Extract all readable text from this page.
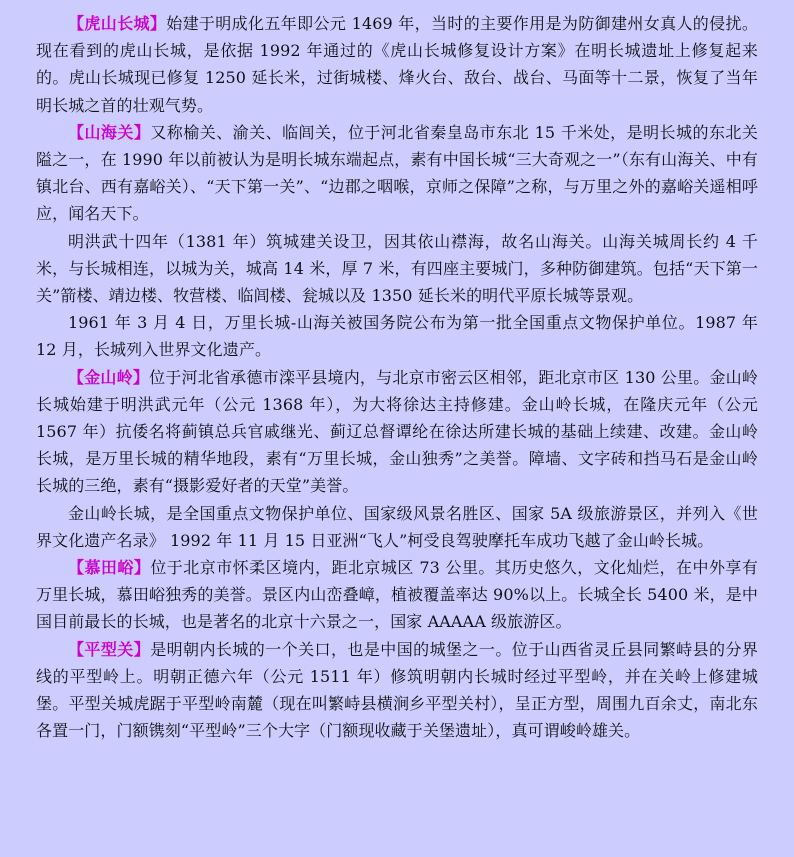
【虎山长城】始建于明成化五年即公元 1469 年，当时的主要作用是为防御建州女真人的侵扰。现在看到的虎山长城，是依据 1992 年通过的《虎山长城修复设计方案》在明长城遗址上修复起来的。虎山长城现已修复 1250 延长米，过街城楼、烽火台、敌台、战台、马面等十二景，恢复了当年明长城之首的壮观气势。

【山海关】又称榆关、渝关、临闾关，位于河北省秦皇岛市东北 15 千米处，是明长城的东北关隘之一，在 1990 年以前被认为是明长城东端起点，素有中国长城“三大奇观之一”（东有山海关、中有镇北台、西有嘉峪关）、“天下第一关”、“边郡之咽喉，京师之保障”之称，与万里之外的嘉峪关遥相呼应，闻名天下。

明洪武十四年（1381 年）筑城建关设卫，因其依山襟海，故名山海关。山海关城周长约 4 千米，与长城相连，以城为关，城高 14 米，厚 7 米，有四座主要城门，多种防御建筑。包括“天下第一关”箭楼、靖边楼、牧营楼、临闾楼、瓮城以及 1350 延长米的明代平原长城等景观。

1961 年 3 月 4 日，万里长城-山海关被国务院公布为第一批全国重点文物保护单位。1987 年 12 月，长城列入世界文化遗产。

【金山岭】位于河北省承德市滦平县境内，与北京市密云区相邻，距北京市区 130 公里。金山岭长城始建于明洪武元年（公元 1368 年），为大将徐达主持修建。金山岭长城，在隆庆元年（公元 1567 年）抗倭名将蓟镇总兵官戚继光、蓟辽总督谭纶在徐达所建长城的基础上续建、改建。金山岭长城，是万里长城的精华地段，素有“万里长城，金山独秀”之美誉。障墙、文字砖和挡马石是金山岭长城的三绝，素有“摄影爱好者的天堂”美誉。

金山岭长城，是全国重点文物保护单位、国家级风景名胜区、国家 5A 级旅游景区，并列入《世界文化遗产名录》 1992 年 11 月 15 日亚洲“飞人”柯受良驾驶摩托车成功飞越了金山岭长城。

【慕田峪】位于北京市怀柔区境内，距北京城区 73 公里。其历史悠久，文化灿烂，在中外享有万里长城，慕田峪独秀的美誉。景区内山峦叠嶂，植被覆盖率达 90%以上。长城全长 5400 米，是中国目前最长的长城，也是著名的北京十六景之一，国家 AAAAA 级旅游区。

【平型关】是明朝内长城的一个关口，也是中国的城堡之一。位于山西省灵丘县同繁峙县的分界线的平型岭上。明朝正德六年（公元 1511 年）修筑明朝内长城时经过平型岭，并在关岭上修建城堡。平型关城虎踞于平型岭南麓（现在叫繁峙县横涧乡平型关村），呈正方型，周围九百余丈，南北东各置一门，门额镌刻“平型岭”三个大字（门额现收藏于关堡遗址），真可谓峻岭雄关。
